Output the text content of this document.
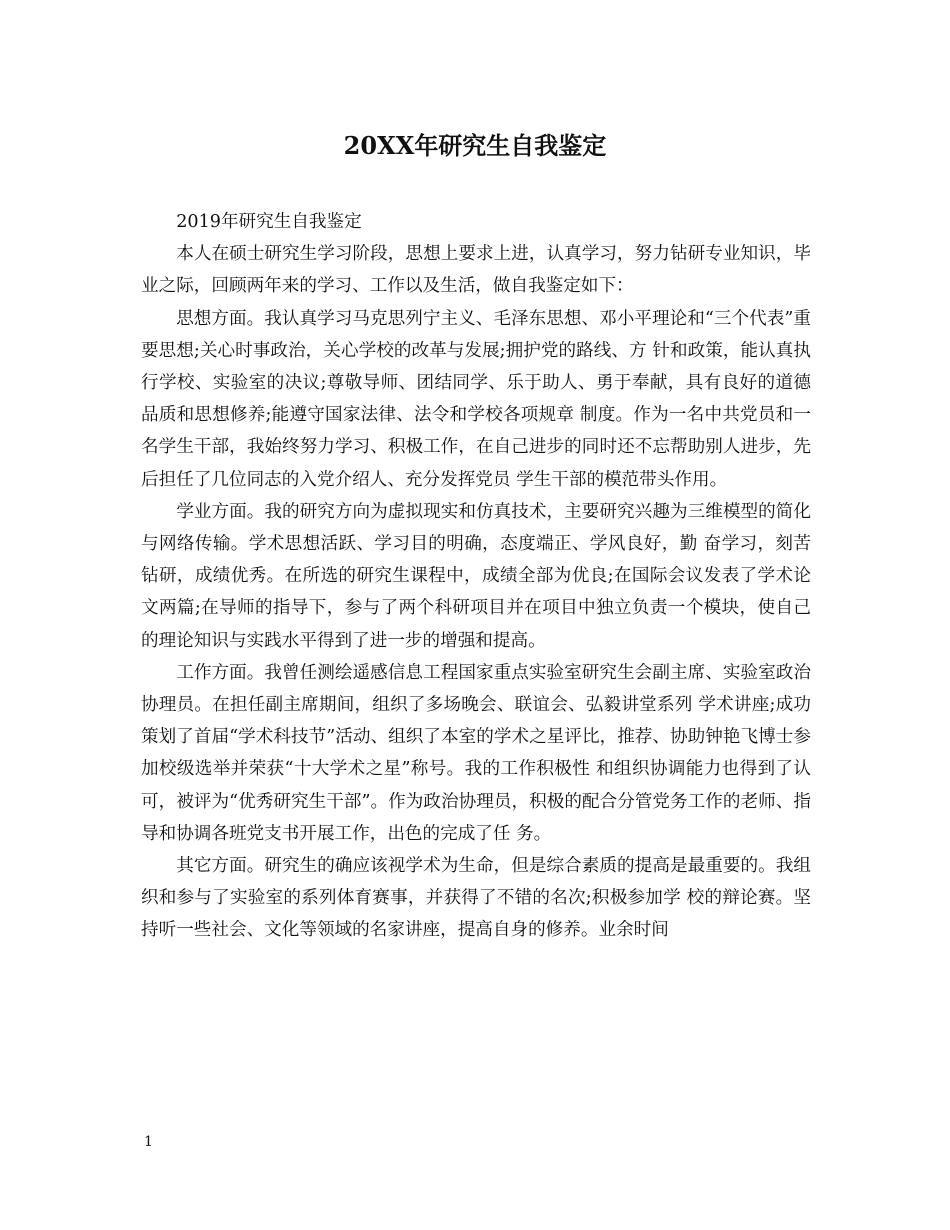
20XX年研究生自我鉴定

2019年研究生自我鉴定

本人在硕士研究生学习阶段，思想上要求上进，认真学习，努力钻研专业知识，毕业之际，回顾两年来的学习、工作以及生活，做自我鉴定如下：

思想方面。我认真学习马克思列宁主义、毛泽东思想、邓小平理论和“三个代表”重要思想;关心时事政治，关心学校的改革与发展;拥护党的路线、方 针和政策，能认真执行学校、实验室的决议;尊敬导师、团结同学、乐于助人、勇于奉献，具有良好的道德品质和思想修养;能遵守国家法律、法令和学校各项规章 制度。作为一名中共党员和一名学生干部，我始终努力学习、积极工作，在自己进步的同时还不忘帮助别人进步，先后担任了几位同志的入党介绍人、充分发挥党员 学生干部的模范带头作用。

学业方面。我的研究方向为虚拟现实和仿真技术，主要研究兴趣为三维模型的简化与网络传输。学术思想活跃、学习目的明确，态度端正、学风良好，勤 奋学习，刻苦钻研，成绩优秀。在所选的研究生课程中，成绩全部为优良;在国际会议发表了学术论文两篇;在导师的指导下，参与了两个科研项目并在项目中独立负责一个模块，使自己的理论知识与实践水平得到了进一步的增强和提高。

工作方面。我曾任测绘遥感信息工程国家重点实验室研究生会副主席、实验室政治协理员。在担任副主席期间，组织了多场晚会、联谊会、弘毅讲堂系列 学术讲座;成功策划了首届“学术科技节”活动、组织了本室的学术之星评比，推荐、协助钟艳飞博士参加校级选举并荣获“十大学术之星”称号。我的工作积极性 和组织协调能力也得到了认可，被评为“优秀研究生干部”。作为政治协理员，积极的配合分管党务工作的老师、指导和协调各班党支书开展工作，出色的完成了任 务。

其它方面。研究生的确应该视学术为生命，但是综合素质的提高是最重要的。我组织和参与了实验室的系列体育赛事，并获得了不错的名次;积极参加学 校的辩论赛。坚持听一些社会、文化等领域的名家讲座，提高自身的修养。业余时间

1
